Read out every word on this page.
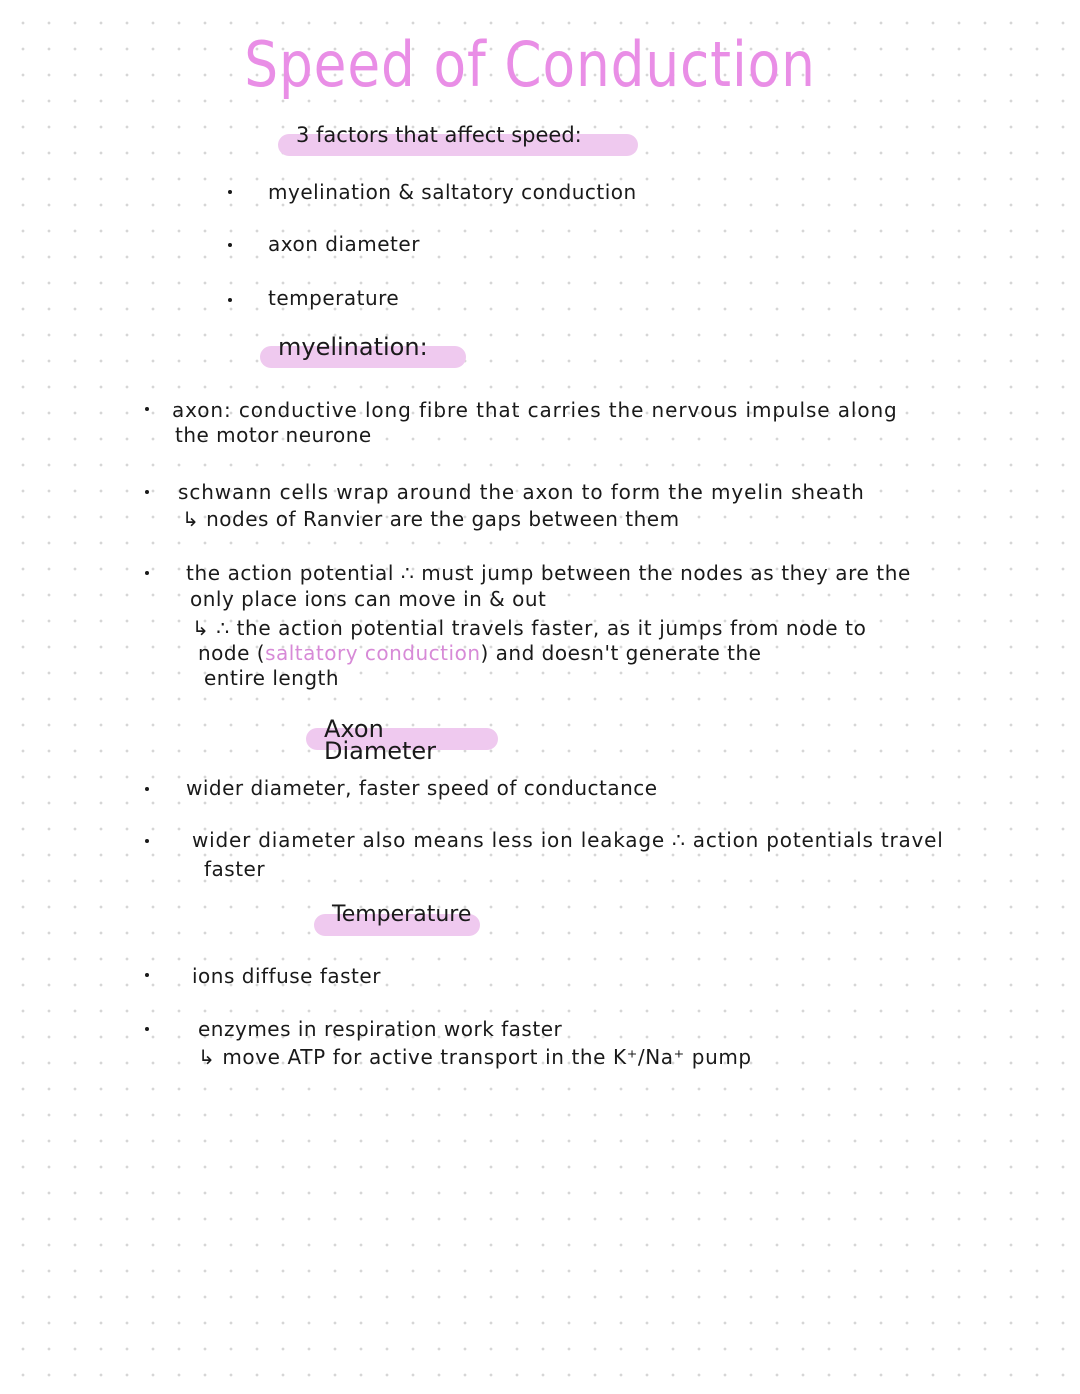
Speed of Conduction
3 factors that affect speed:
myelination & saltatory conduction
axon diameter
temperature
myelination:
axon: conductive long fibre that carries the nervous impulse along
the motor neurone
schwann cells wrap around the axon to form the myelin sheath
↳ nodes of Ranvier are the gaps between them
the action potential ∴ must jump between the nodes as they are the
only place ions can move in & out
↳ ∴ the action potential travels faster, as it jumps from node to
node (saltatory conduction) and doesn't generate the
entire length
Axon Diameter
wider diameter, faster speed of conductance
wider diameter also means less ion leakage ∴ action potentials travel
faster
Temperature
ions diffuse faster
enzymes in respiration work faster
↳ move ATP for active transport in the K⁺/Na⁺ pump
